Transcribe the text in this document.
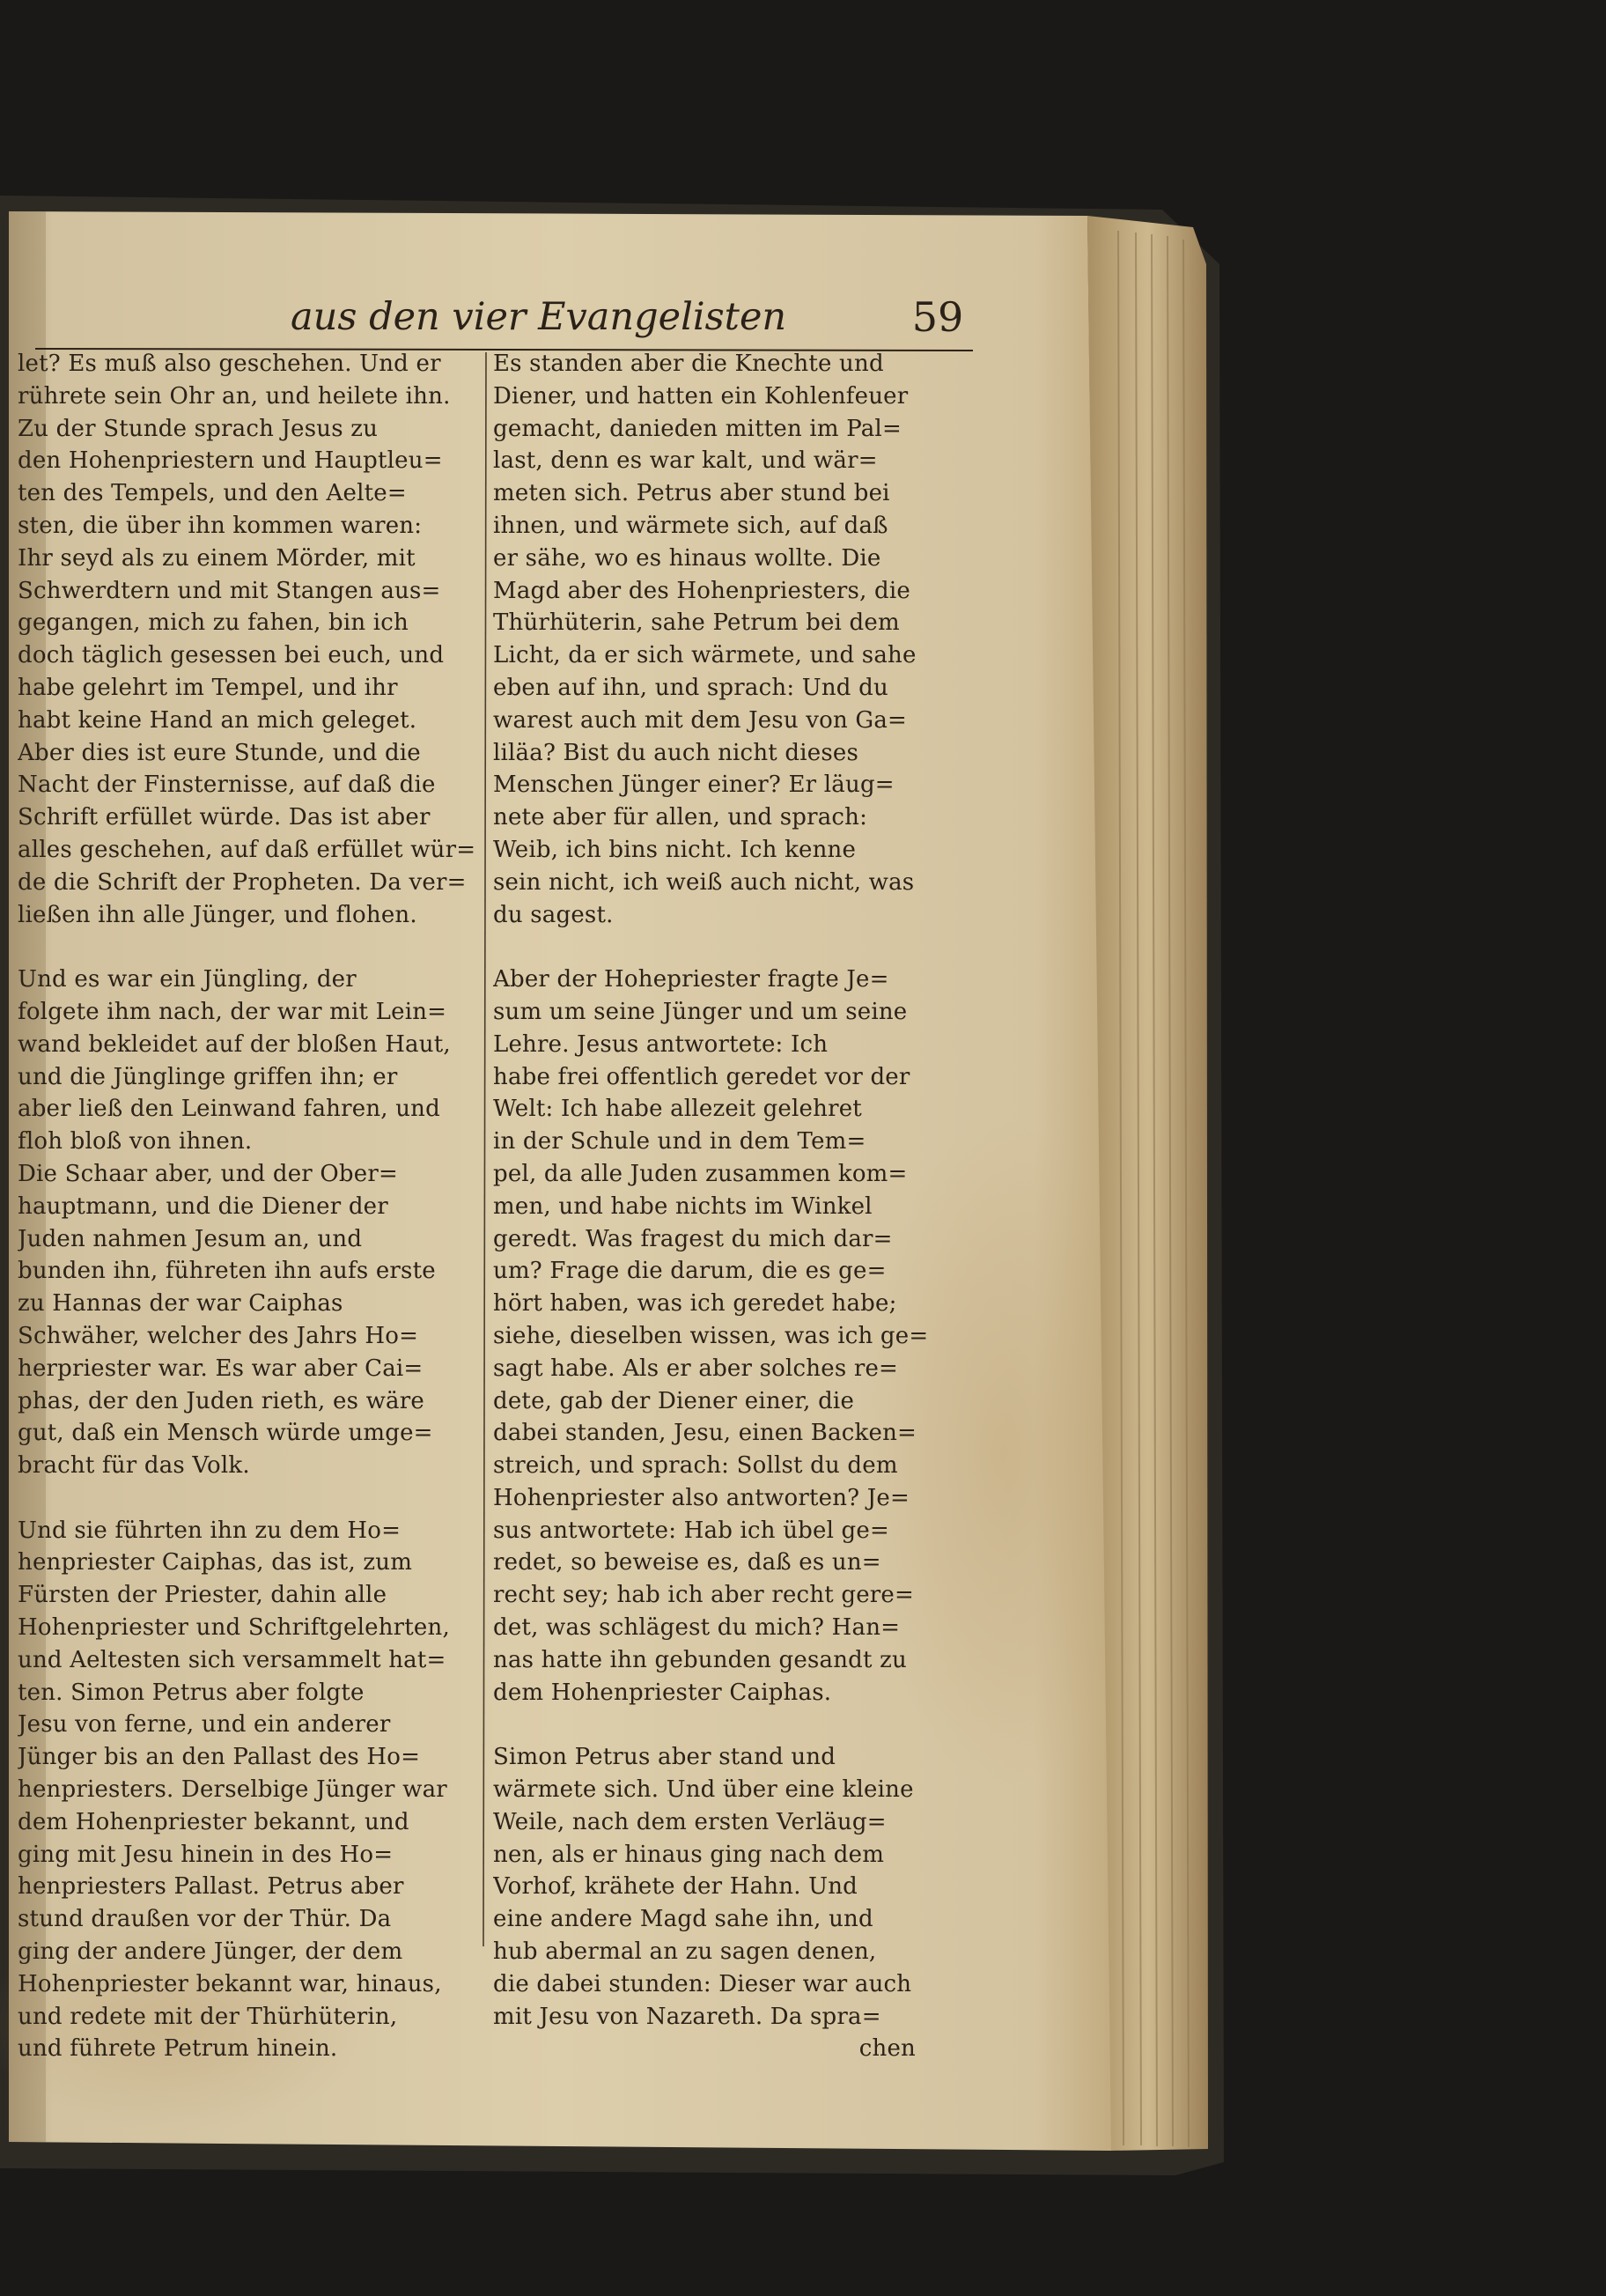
aus den vier Evangelisten	59
let? Es muß also geschehen. Und er
rührete sein Ohr an, und heilete ihn.
Zu der Stunde sprach Jesus zu
den Hohenpriestern und Hauptleu=
ten des Tempels, und den Aelte=
sten, die über ihn kommen waren:
Ihr seyd als zu einem Mörder, mit
Schwerdtern und mit Stangen aus=
gegangen, mich zu fahen, bin ich
doch täglich gesessen bei euch, und
habe gelehrt im Tempel, und ihr
habt keine Hand an mich geleget.
Aber dies ist eure Stunde, und die
Nacht der Finsternisse, auf daß die
Schrift erfüllet würde. Das ist aber
alles geschehen, auf daß erfüllet wür=
de die Schrift der Propheten. Da ver=
ließen ihn alle Jünger, und flohen.
Und es war ein Jüngling, der
folgete ihm nach, der war mit Lein=
wand bekleidet auf der bloßen Haut,
und die Jünglinge griffen ihn; er
aber ließ den Leinwand fahren, und
floh bloß von ihnen.
Die Schaar aber, und der Ober=
hauptmann, und die Diener der
Juden nahmen Jesum an, und
bunden ihn, führeten ihn aufs erste
zu Hannas der war Caiphas
Schwäher, welcher des Jahrs Ho=
herpriester war. Es war aber Cai=
phas, der den Juden rieth, es wäre
gut, daß ein Mensch würde umge=
bracht für das Volk.
Und sie führten ihn zu dem Ho=
henpriester Caiphas, das ist, zum
Fürsten der Priester, dahin alle
Hohenpriester und Schriftgelehrten,
und Aeltesten sich versammelt hat=
ten. Simon Petrus aber folgte
Jesu von ferne, und ein anderer
Jünger bis an den Pallast des Ho=
henpriesters. Derselbige Jünger war
dem Hohenpriester bekannt, und
ging mit Jesu hinein in des Ho=
henpriesters Pallast. Petrus aber
stund draußen vor der Thür. Da
ging der andere Jünger, der dem
Hohenpriester bekannt war, hinaus,
und redete mit der Thürhüterin,
und führete Petrum hinein.
Es standen aber die Knechte und
Diener, und hatten ein Kohlenfeuer
gemacht, danieden mitten im Pal=
last, denn es war kalt, und wär=
meten sich. Petrus aber stund bei
ihnen, und wärmete sich, auf daß
er sähe, wo es hinaus wollte. Die
Magd aber des Hohenpriesters, die
Thürhüterin, sahe Petrum bei dem
Licht, da er sich wärmete, und sahe
eben auf ihn, und sprach: Und du
warest auch mit dem Jesu von Ga=
liläa? Bist du auch nicht dieses
Menschen Jünger einer? Er läug=
nete aber für allen, und sprach:
Weib, ich bins nicht. Ich kenne
sein nicht, ich weiß auch nicht, was
du sagest.
Aber der Hohepriester fragte Je=
sum um seine Jünger und um seine
Lehre. Jesus antwortete: Ich
habe frei offentlich geredet vor der
Welt: Ich habe allezeit gelehret
in der Schule und in dem Tem=
pel, da alle Juden zusammen kom=
men, und habe nichts im Winkel
geredt. Was fragest du mich dar=
um? Frage die darum, die es ge=
hört haben, was ich geredet habe;
siehe, dieselben wissen, was ich ge=
sagt habe. Als er aber solches re=
dete, gab der Diener einer, die
dabei standen, Jesu, einen Backen=
streich, und sprach: Sollst du dem
Hohenpriester also antworten? Je=
sus antwortete: Hab ich übel ge=
redet, so beweise es, daß es un=
recht sey; hab ich aber recht gere=
det, was schlägest du mich? Han=
nas hatte ihn gebunden gesandt zu
dem Hohenpriester Caiphas.
Simon Petrus aber stand und
wärmete sich. Und über eine kleine
Weile, nach dem ersten Verläug=
nen, als er hinaus ging nach dem
Vorhof, krähete der Hahn. Und
eine andere Magd sahe ihn, und
hub abermal an zu sagen denen,
die dabei stunden: Dieser war auch
mit Jesu von Nazareth. Da spra=
chen
